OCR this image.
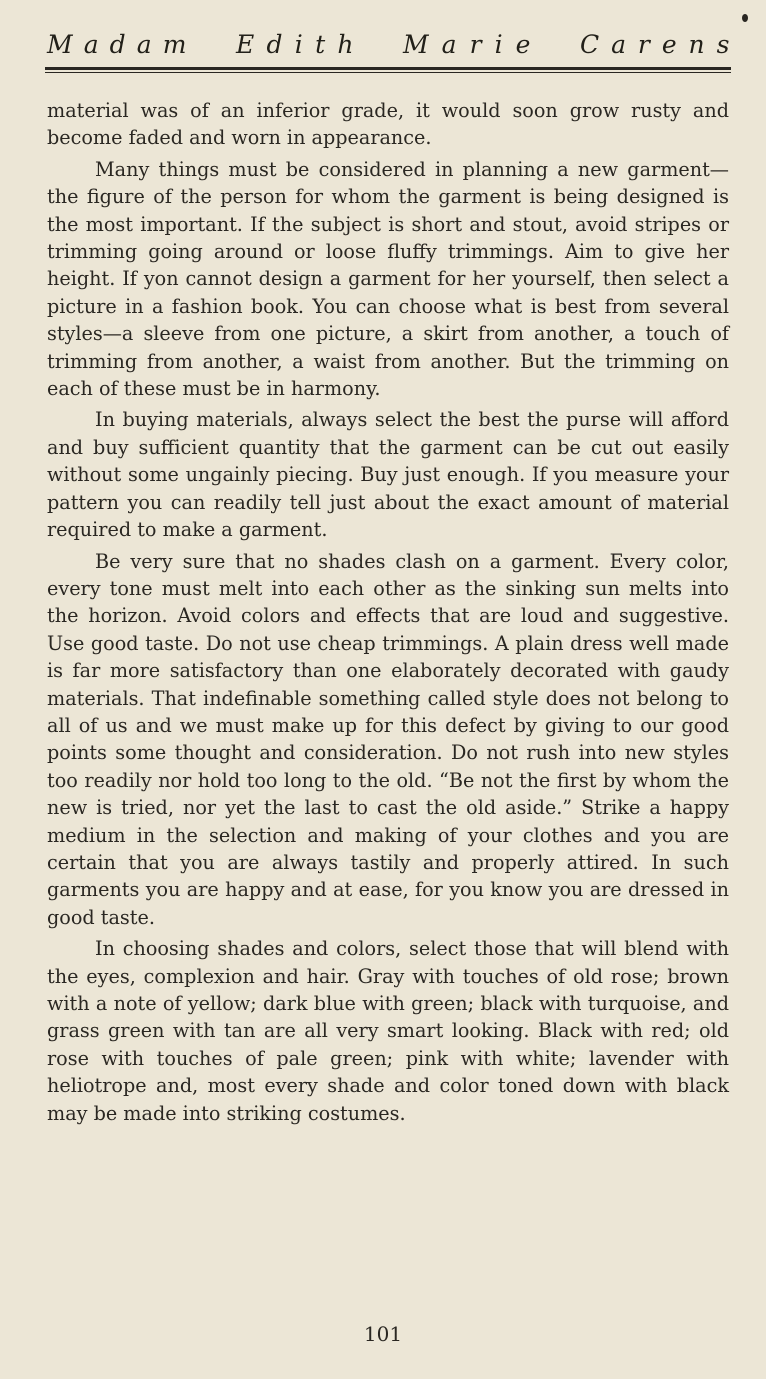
M a d a m E d i t h M a r i e C a r e n s

material was of an inferior grade, it would soon grow rusty and become faded and worn in appearance.

Many things must be considered in planning a new garment—the figure of the person for whom the garment is being designed is the most important. If the subject is short and stout, avoid stripes or trimming going around or loose fluffy trimmings. Aim to give her height. If yon cannot design a garment for her yourself, then select a picture in a fashion book. You can choose what is best from several styles—a sleeve from one picture, a skirt from another, a touch of trimming from another, a waist from another. But the trimming on each of these must be in harmony.

In buying materials, always select the best the purse will afford and buy sufficient quantity that the garment can be cut out easily without some ungainly piecing. Buy just enough. If you measure your pattern you can readily tell just about the exact amount of material required to make a garment.

Be very sure that no shades clash on a garment. Every color, every tone must melt into each other as the sinking sun melts into the horizon. Avoid colors and effects that are loud and suggestive. Use good taste. Do not use cheap trimmings. A plain dress well made is far more satisfactory than one elaborately decorated with gaudy materials. That indefinable something called style does not belong to all of us and we must make up for this defect by giving to our good points some thought and consideration. Do not rush into new styles too readily nor hold too long to the old. “Be not the first by whom the new is tried, nor yet the last to cast the old aside.” Strike a happy medium in the selection and making of your clothes and you are certain that you are always tastily and properly attired. In such garments you are happy and at ease, for you know you are dressed in good taste.

In choosing shades and colors, select those that will blend with the eyes, complexion and hair. Gray with touches of old rose; brown with a note of yellow; dark blue with green; black with turquoise, and grass green with tan are all very smart looking. Black with red; old rose with touches of pale green; pink with white; lavender with heliotrope and, most every shade and color toned down with black may be made into striking costumes.

101
